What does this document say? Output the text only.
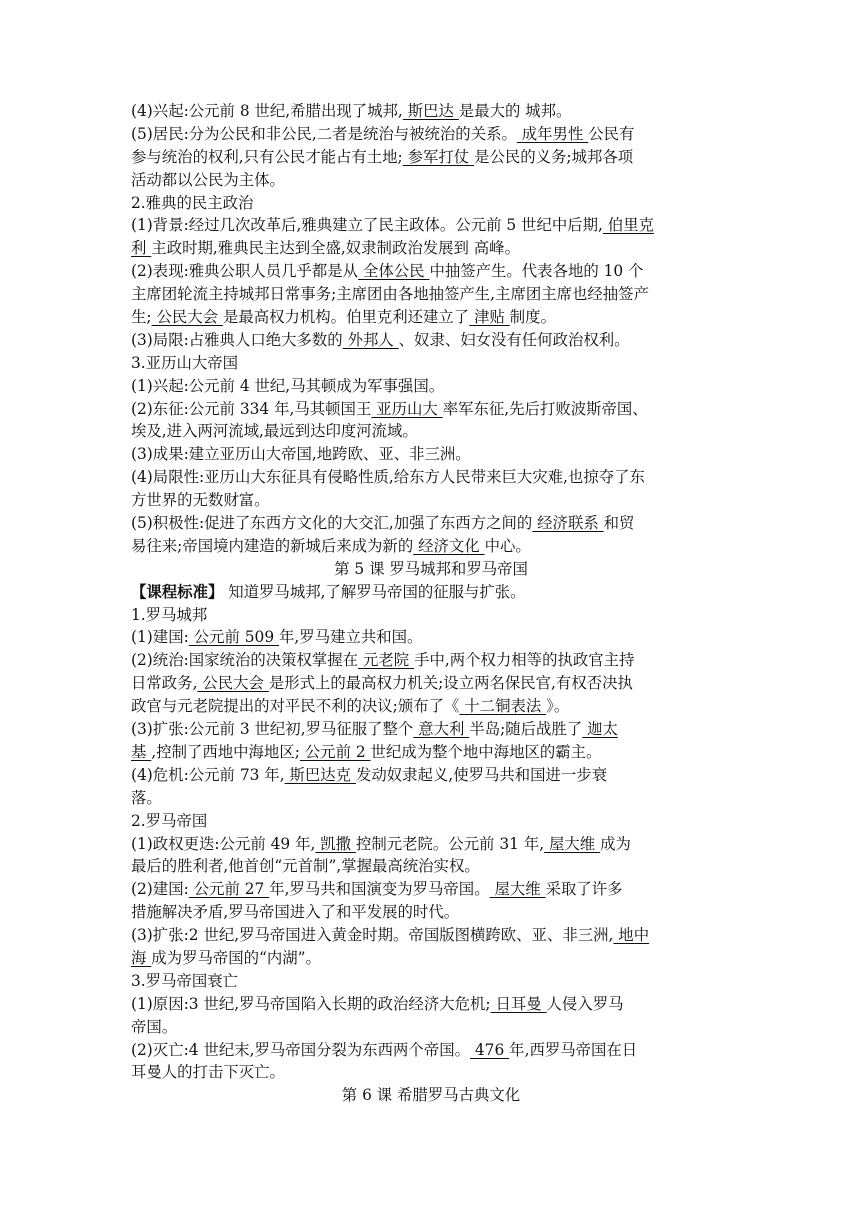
(4)兴起:公元前 8 世纪,希腊出现了城邦, 斯巴达 是最大的 城邦。
(5)居民:分为公民和非公民,二者是统治与被统治的关系。 成年男性 公民有
参与统治的权利,只有公民才能占有土地; 参军打仗 是公民的义务;城邦各项
活动都以公民为主体。
2.雅典的民主政治
(1)背景:经过几次改革后,雅典建立了民主政体。公元前 5 世纪中后期, 伯里克
利 主政时期,雅典民主达到全盛,奴隶制政治发展到 高峰。
(2)表现:雅典公职人员几乎都是从 全体公民 中抽签产生。代表各地的 10 个
主席团轮流主持城邦日常事务;主席团由各地抽签产生,主席团主席也经抽签产
生; 公民大会 是最高权力机构。伯里克利还建立了 津贴 制度。
(3)局限:占雅典人口绝大多数的 外邦人 、奴隶、妇女没有任何政治权利。
3.亚历山大帝国
(1)兴起:公元前 4 世纪,马其顿成为军事强国。
(2)东征:公元前 334 年,马其顿国王 亚历山大 率军东征,先后打败波斯帝国、
埃及,进入两河流域,最远到达印度河流域。
(3)成果:建立亚历山大帝国,地跨欧、亚、非三洲。
(4)局限性:亚历山大东征具有侵略性质,给东方人民带来巨大灾难,也掠夺了东
方世界的无数财富。
(5)积极性:促进了东西方文化的大交汇,加强了东西方之间的 经济联系 和贸
易往来;帝国境内建造的新城后来成为新的 经济文化 中心。
第 5 课 罗马城邦和罗马帝国
【课程标准】 知道罗马城邦,了解罗马帝国的征服与扩张。
1.罗马城邦
(1)建国: 公元前 509 年,罗马建立共和国。
(2)统治:国家统治的决策权掌握在 元老院 手中,两个权力相等的执政官主持
日常政务, 公民大会 是形式上的最高权力机关;设立两名保民官,有权否决执
政官与元老院提出的对平民不利的决议;颁布了《 十二铜表法 》。
(3)扩张:公元前 3 世纪初,罗马征服了整个 意大利 半岛;随后战胜了 迦太
基 ,控制了西地中海地区; 公元前 2 世纪成为整个地中海地区的霸主。
(4)危机:公元前 73 年, 斯巴达克 发动奴隶起义,使罗马共和国进一步衰
落。
2.罗马帝国
(1)政权更迭:公元前 49 年, 凯撒 控制元老院。公元前 31 年, 屋大维 成为
最后的胜利者,他首创“元首制”,掌握最高统治实权。
(2)建国: 公元前 27 年,罗马共和国演变为罗马帝国。 屋大维 采取了许多
措施解决矛盾,罗马帝国进入了和平发展的时代。
(3)扩张:2 世纪,罗马帝国进入黄金时期。帝国版图横跨欧、亚、非三洲, 地中
海 成为罗马帝国的“内湖”。
3.罗马帝国衰亡
(1)原因:3 世纪,罗马帝国陷入长期的政治经济大危机; 日耳曼 人侵入罗马
帝国。
(2)灭亡:4 世纪末,罗马帝国分裂为东西两个帝国。 476 年,西罗马帝国在日
耳曼人的打击下灭亡。
第 6 课 希腊罗马古典文化
